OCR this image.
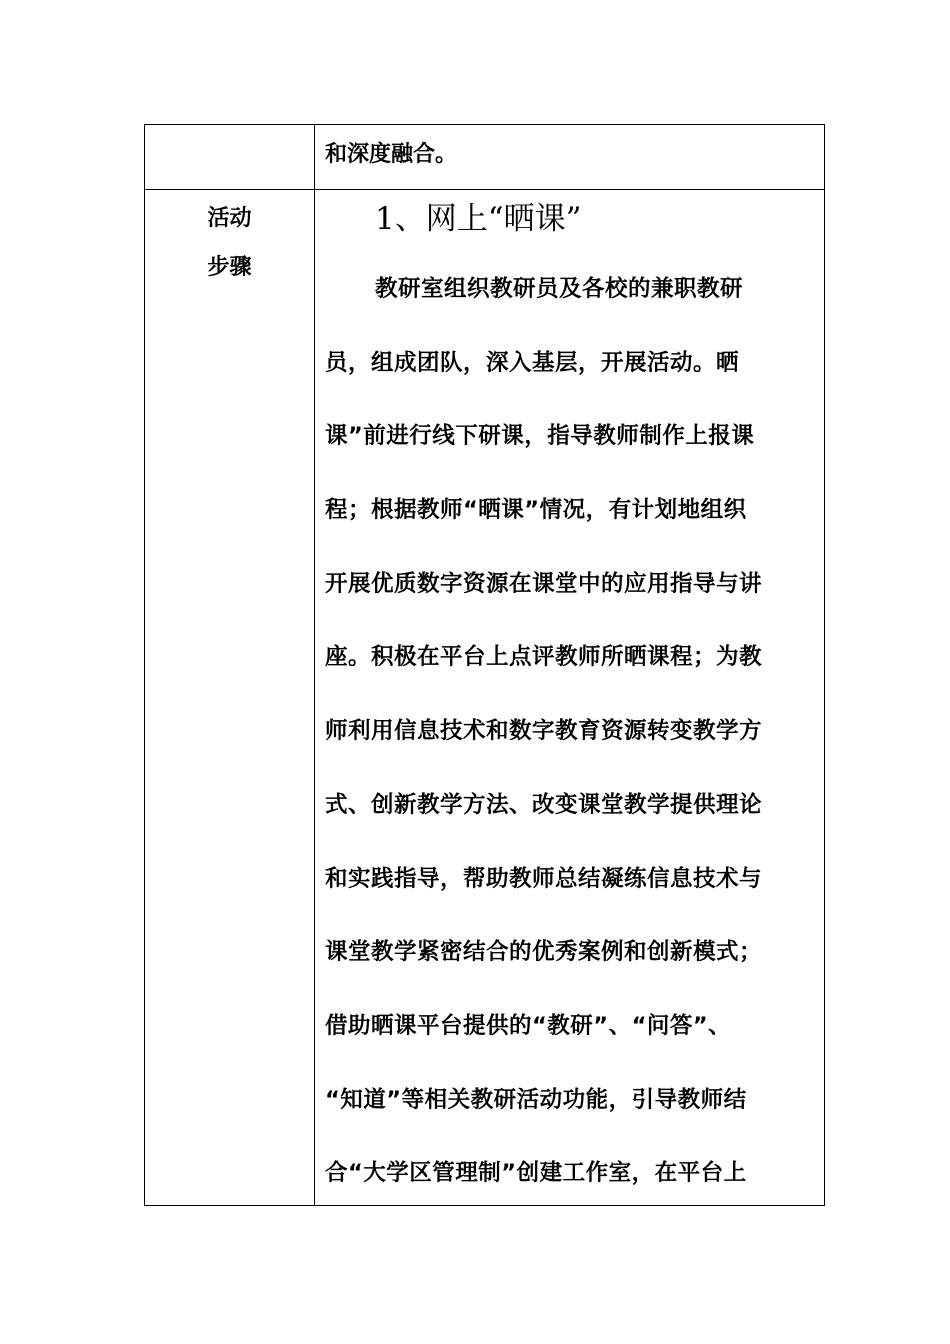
和深度融合。
活动
步骤
1、网上“晒课”
教研室组织教研员及各校的兼职教研
员，组成团队，深入基层，开展活动。晒
课”前进行线下研课，指导教师制作上报课
程；根据教师“晒课”情况，有计划地组织
开展优质数字资源在课堂中的应用指导与讲
座。积极在平台上点评教师所晒课程；为教
师利用信息技术和数字教育资源转变教学方
式、创新教学方法、改变课堂教学提供理论
和实践指导，帮助教师总结凝练信息技术与
课堂教学紧密结合的优秀案例和创新模式；
借助晒课平台提供的“教研”、“问答”、
“知道”等相关教研活动功能，引导教师结
合“大学区管理制”创建工作室，在平台上
